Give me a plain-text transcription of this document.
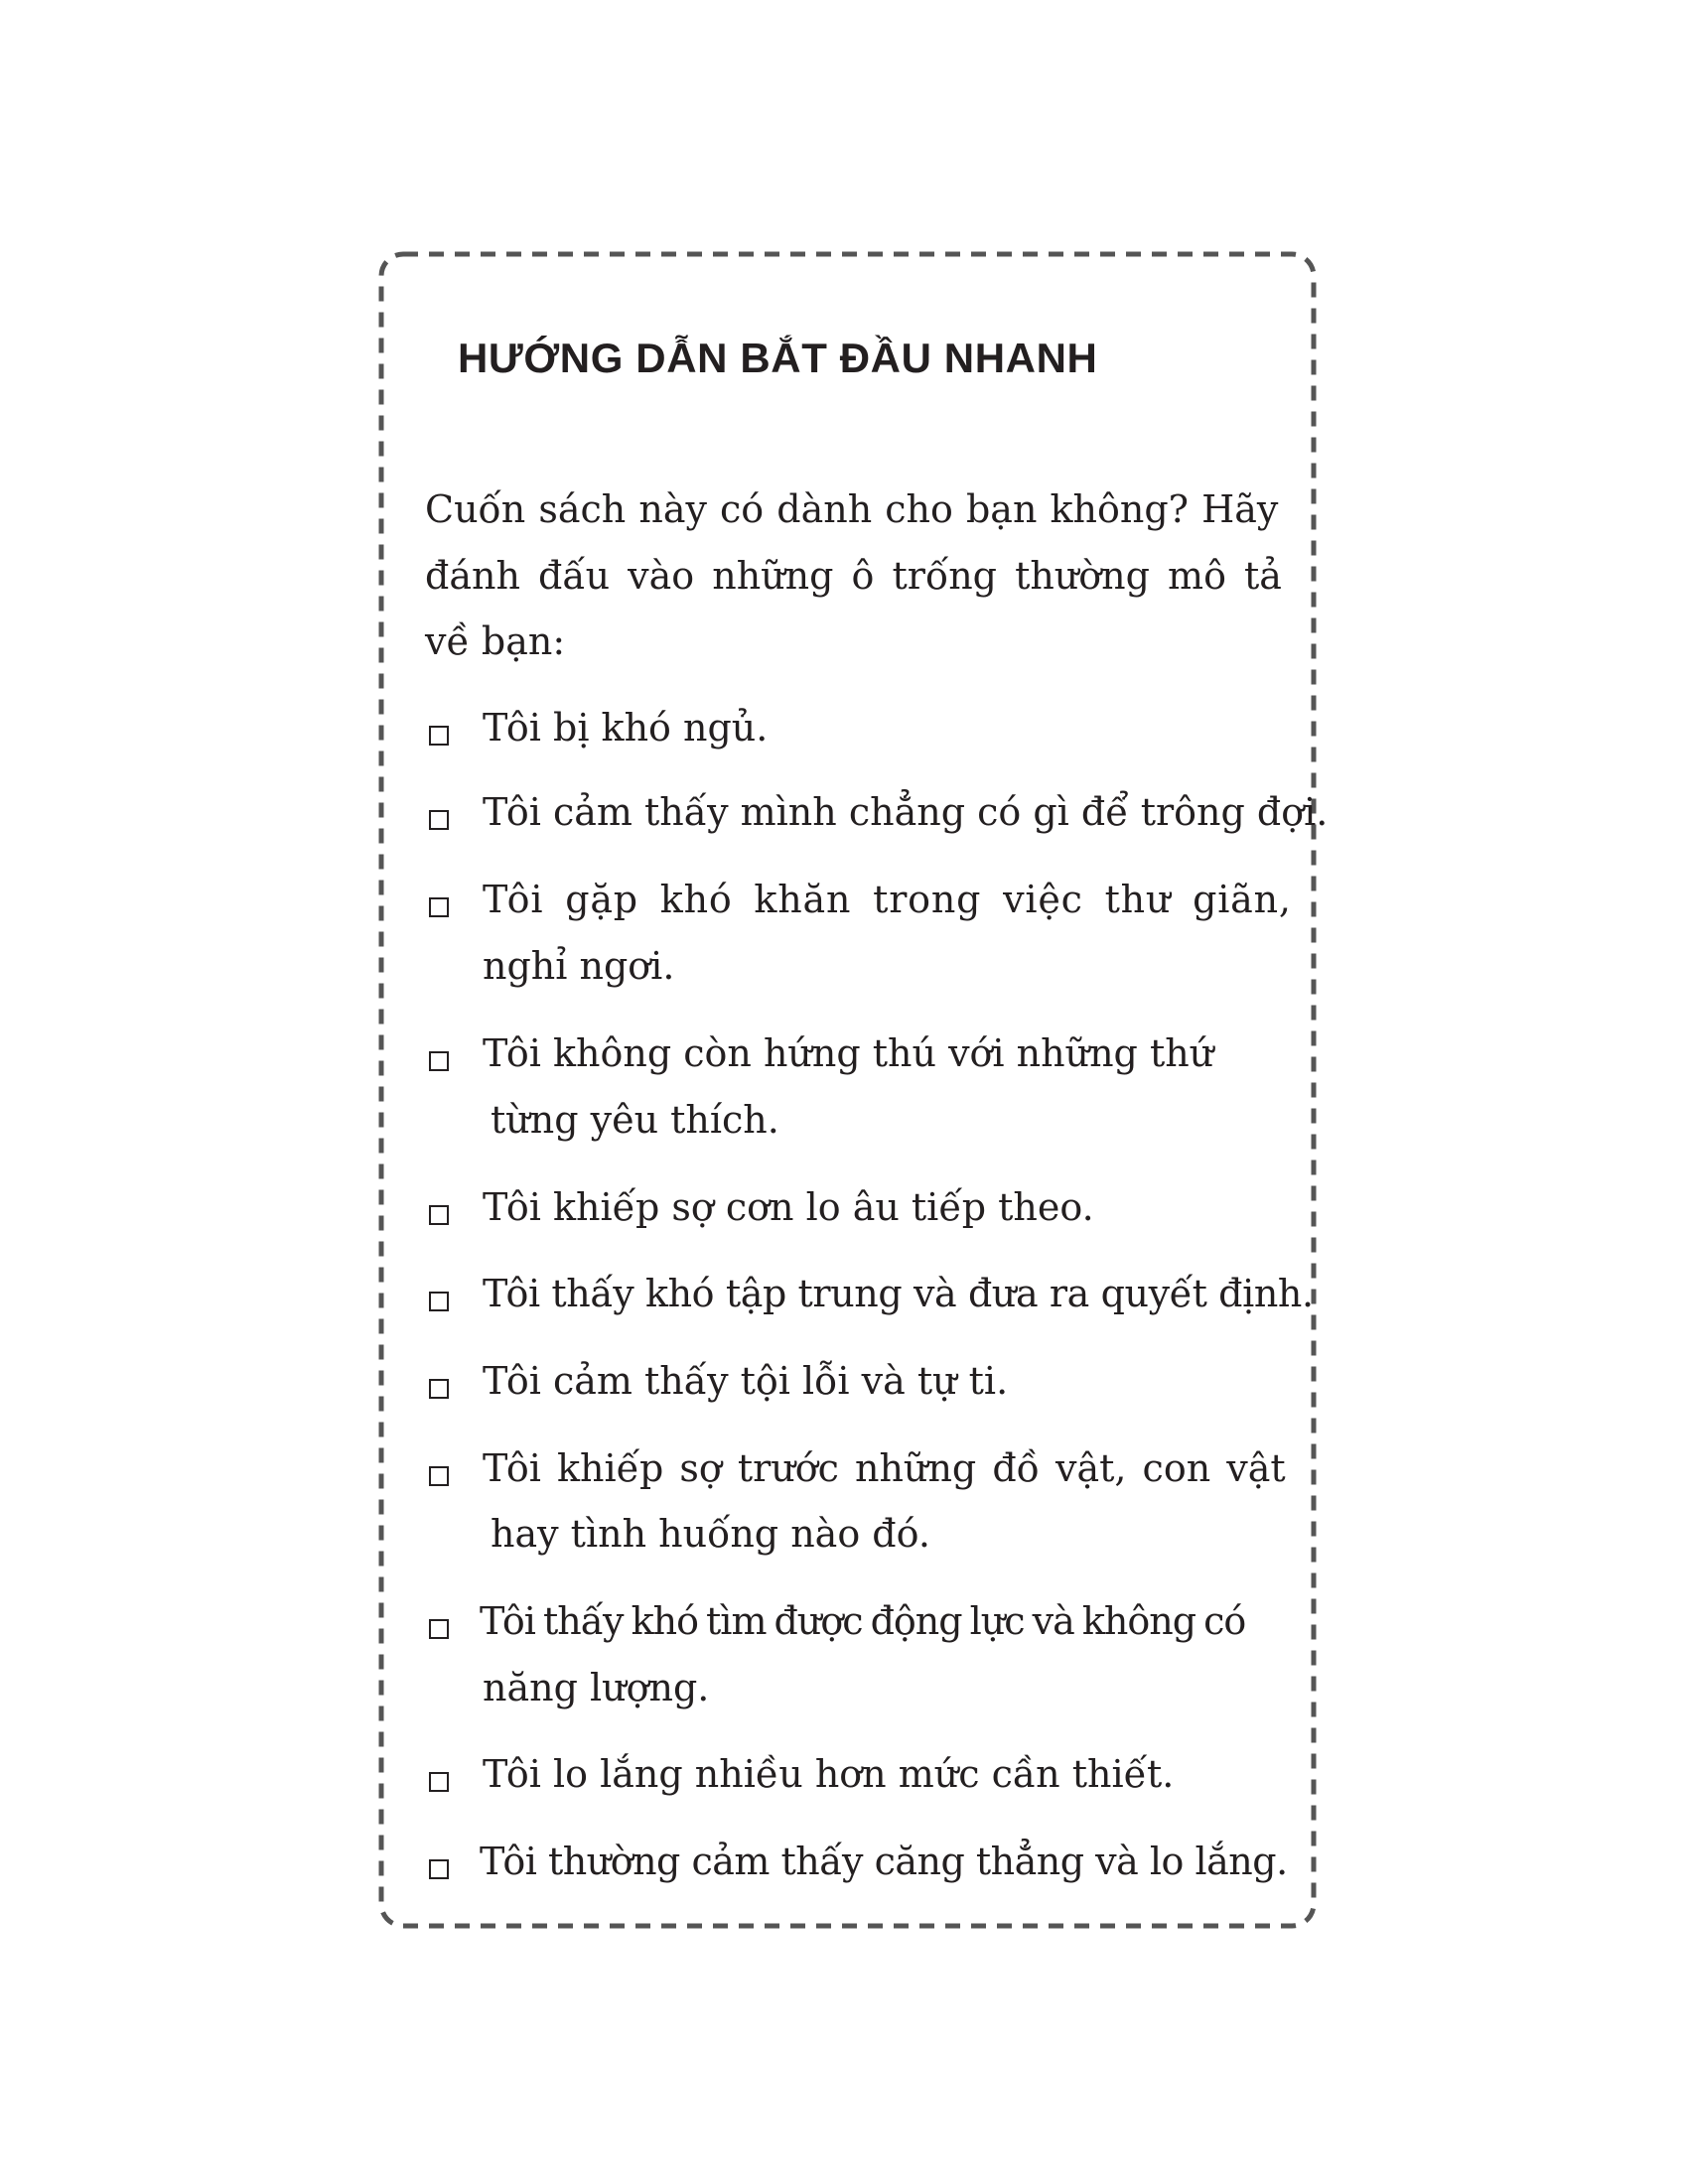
HƯỚNG DẪN BẮT ĐẦU NHANH
Cuốn sách này có dành cho bạn không? Hãy
đánh đấu vào những ô trống thường mô tả
về bạn:
Tôi bị khó ngủ.
Tôi cảm thấy mình chẳng có gì để trông đợi.
Tôi gặp khó khăn trong việc thư giãn,
nghỉ ngơi.
Tôi không còn hứng thú với những thứ
từng yêu thích.
Tôi khiếp sợ cơn lo âu tiếp theo.
Tôi thấy khó tập trung và đưa ra quyết định.
Tôi cảm thấy tội lỗi và tự ti.
Tôi khiếp sợ trước những đồ vật, con vật
hay tình huống nào đó.
Tôi thấy khó tìm được động lực và không có
năng lượng.
Tôi lo lắng nhiều hơn mức cần thiết.
Tôi thường cảm thấy căng thẳng và lo lắng.
